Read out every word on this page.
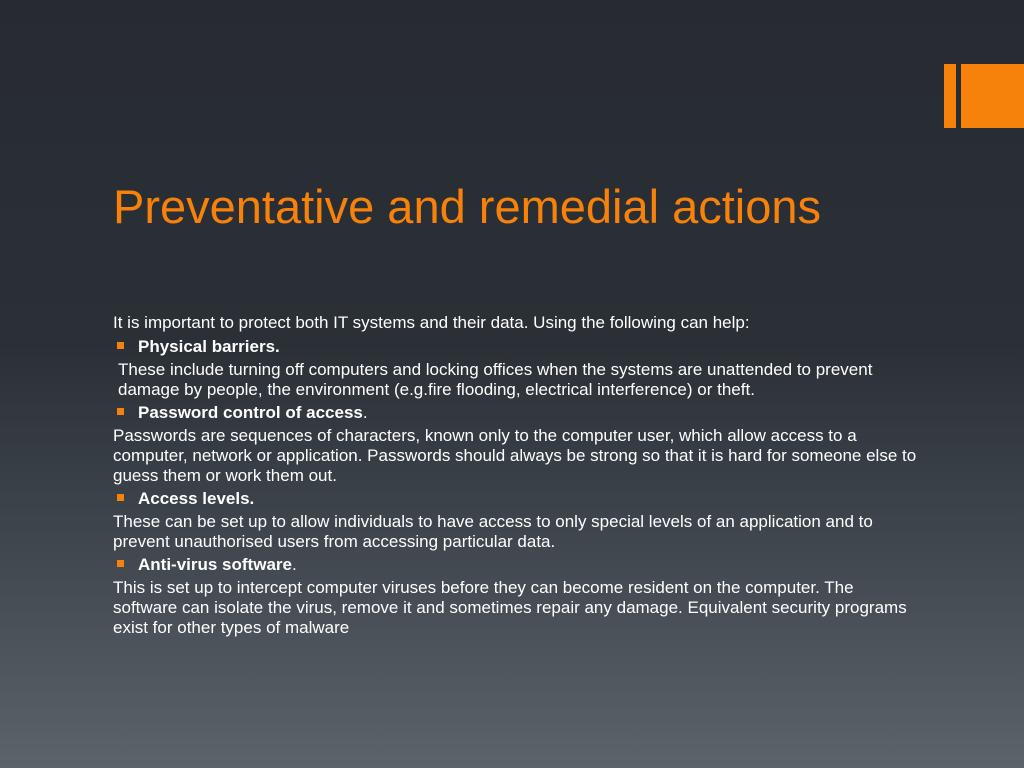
Preventative and remedial actions

It is important to protect both IT systems and their data. Using the following can help:

Physical barriers.

These include turning off computers and locking offices when the systems are unattended to prevent damage by people, the environment (e.g.fire flooding, electrical interference) or theft.

Password control of access.

Passwords are sequences of characters, known only to the computer user, which allow access to a computer, network or application. Passwords should always be strong so that it is hard for someone else to guess them or work them out.

Access levels.

These can be set up to allow individuals to have access to only special levels of an application and to prevent unauthorised users from accessing particular data.

Anti-virus software.

This is set up to intercept computer viruses before they can become resident on the computer. The software can isolate the virus, remove it and sometimes repair any damage. Equivalent security programs exist for other types of malware
